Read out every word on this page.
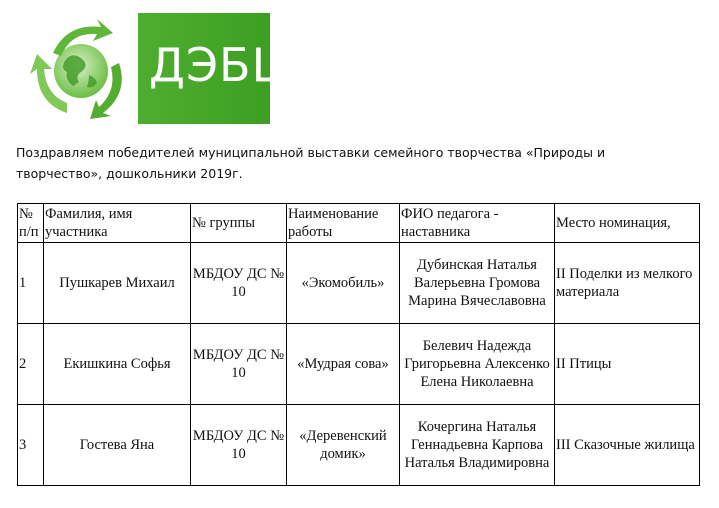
ДЭБЦ
Поздравляем победителей муниципальной выставки семейного творчества «Природы и творчество», дошкольники 2019г.
№ п/п	Фамилия, имя участника	№ группы	Наименование работы	ФИО педагога - наставника	Место номинация,
1	Пушкарев Михаил	МБДОУ ДС № 10	«Экомобиль»	Дубинская Наталья Валерьевна Громова Марина Вячеславовна	II Поделки из мелкого материала
2	Екишкина Софья	МБДОУ ДС № 10	«Мудрая сова»	Белевич Надежда Григорьевна Алексенко Елена Николаевна	II Птицы
3	Гостева Яна	МБДОУ ДС № 10	«Деревенский домик»	Кочергина Наталья Геннадьевна Карпова Наталья Владимировна	III Сказочные жилища
